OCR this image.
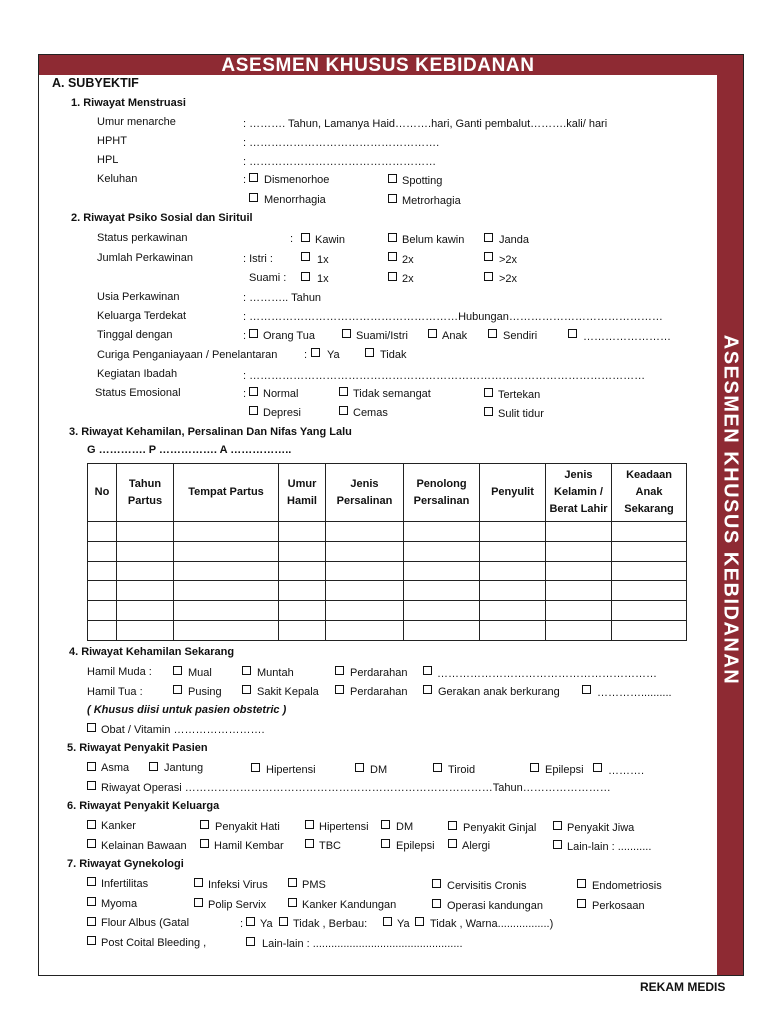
ASESMEN KHUSUS KEBIDANAN
ASESMEN KHUSUS KEBIDANAN
A. SUBYEKTIF
1. Riwayat Menstruasi
Umur menarche	: ………. Tahun, Lamanya Haid……….hari, Ganti pembalut……….kali/ hari
HPHT	: …………………………………………….
HPL	: ……………………………………………
Keluhan	: Dismenorhoe	Spotting
Menorrhagia	Metrorhagia
2. Riwayat Psiko Sosial dan Sirituil
Status perkawinan	: Kawin	Belum kawin	Janda
Jumlah Perkawinan	: Istri :	1x	2x	>2x
Suami :	1x	2x	>2x
Usia Perkawinan	: ……….. Tahun
Keluarga Terdekat	: …………………………………………………Hubungan……………………………………
Tinggal dengan	: Orang Tua	Suami/Istri	Anak	Sendiri	……………………
Curiga Penganiayaan / Penelantaran : Ya	Tidak
Kegiatan Ibadah	: ………………………………………………………………………………………………
Status Emosional	: Normal	Tidak semangat	Tertekan
Depresi	Cemas	Sulit tidur
3. Riwayat Kehamilan, Persalinan Dan Nifas Yang Lalu
G …………. P ……………. A ……………..
No	Tahun Partus	Tempat Partus	Umur Hamil	Jenis Persalinan	Penolong Persalinan	Penyulit	Jenis Kelamin / Berat Lahir	Keadaan Anak Sekarang

4. Riwayat Kehamilan Sekarang
Hamil Muda :	Mual	Muntah	Perdarahan	……………………………………………………
Hamil Tua :	Pusing	Sakit Kepala	Perdarahan	Gerakan anak berkurang	…………..........
( Khusus diisi untuk pasien obstetric )
Obat / Vitamin …………………….
5. Riwayat Penyakit Pasien
Asma	Jantung	Hipertensi	DM	Tiroid	Epilepsi ……….
Riwayat Operasi …………………………………………………………………………Tahun……………………
6. Riwayat Penyakit Keluarga
Kanker	Penyakit Hati	Hipertensi DM	Penyakit Ginjal	Penyakit Jiwa
Kelainan Bawaan Hamil Kembar	TBC	Epilepsi Alergi	Lain-lain : ...........
7. Riwayat Gynekologi
Infertilitas	Infeksi Virus	PMS	Cervisitis Cronis	Endometriosis
Myoma	Polip Servix	Kanker Kandungan	Operasi kandungan	Perkosaan
Flour Albus (Gatal	: Ya Tidak , Berbau:	Ya Tidak , Warna.................)
Post Coital Bleeding ,	Lain-lain : .................................................
REKAM MEDIS
